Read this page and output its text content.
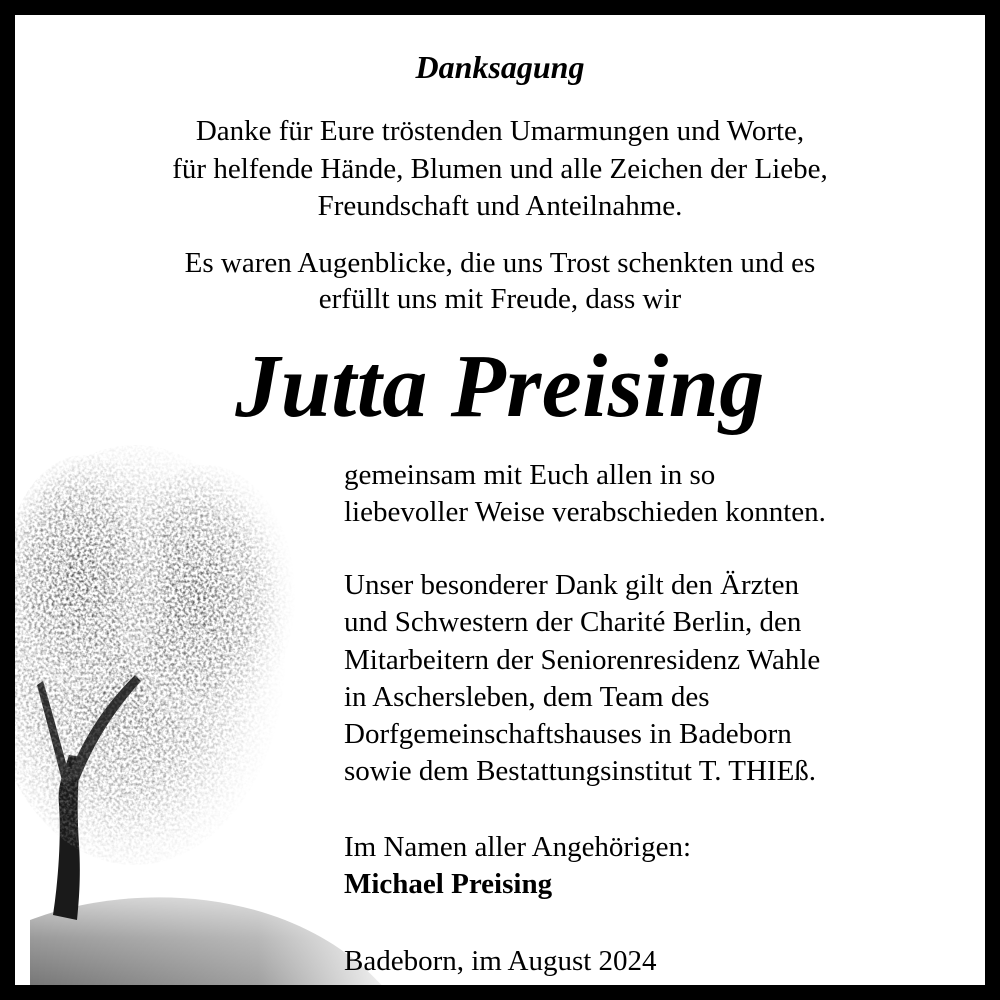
Danksagung
Danke für Eure tröstenden Umarmungen und Worte,
für helfende Hände, Blumen und alle Zeichen der Liebe,
Freundschaft und Anteilnahme.
Es waren Augenblicke, die uns Trost schenkten und es
erfüllt uns mit Freude, dass wir
Jutta Preising
gemeinsam mit Euch allen in so
liebevoller Weise verabschieden konnten.
Unser besonderer Dank gilt den Ärzten
und Schwestern der Charité Berlin, den
Mitarbeitern der Seniorenresidenz Wahle
in Aschersleben, dem Team des
Dorfgemeinschaftshauses in Badeborn
sowie dem Bestattungsinstitut T. THIEß.
Im Namen aller Angehörigen:
Michael Preising
Badeborn, im August 2024
